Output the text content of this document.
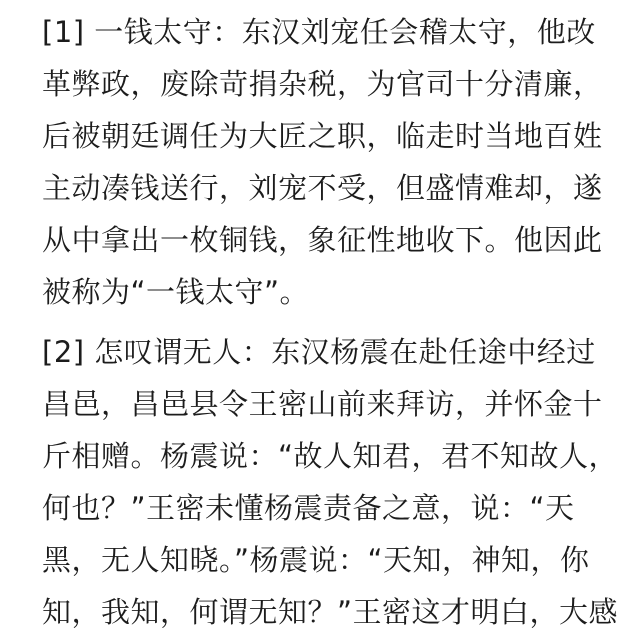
[1] 一钱太守：东汉刘宠任会稽太守，他改
革弊政，废除苛捐杂税，为官司十分清廉，
后被朝廷调任为大匠之职，临走时当地百姓
主动凑钱送行，刘宠不受，但盛情难却，遂
从中拿出一枚铜钱，象征性地收下。他因此
被称为“一钱太守”。
[2] 怎叹谓无人：东汉杨震在赴任途中经过
昌邑，昌邑县令王密山前来拜访，并怀金十
斤相赠。杨震说：“故人知君，君不知故人，
何也？”王密未懂杨震责备之意，说：“天
黑，无人知晓。”杨震说：“天知，神知，你
知，我知，何谓无知？”王密这才明白，大感
